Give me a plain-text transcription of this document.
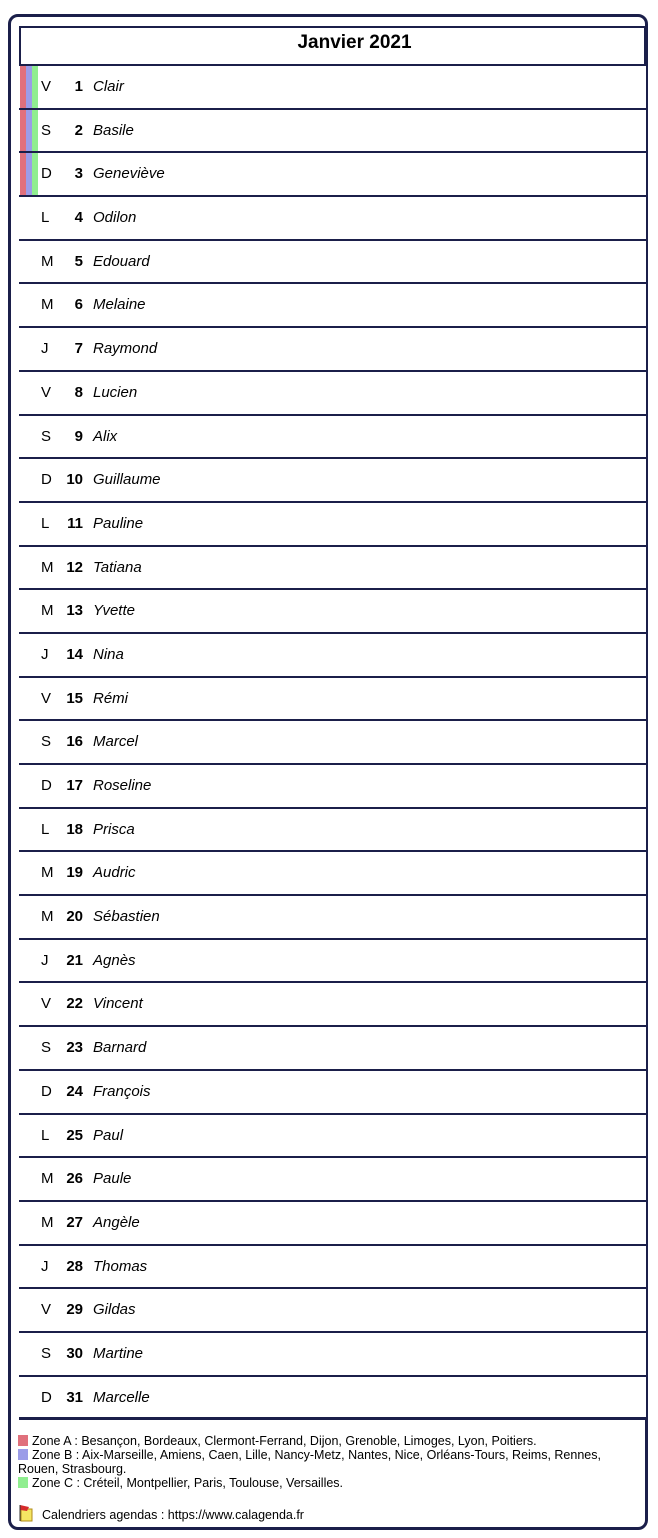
Janvier 2021
V	1 Clair
S	2 Basile
D	3 Geneviève
L	4 Odilon
M	5 Edouard
M	6 Melaine
J	7 Raymond
V	8 Lucien
S	9 Alix
D 10 Guillaume
L	11 Pauline
M 12 Tatiana
M 13 Yvette
J	14 Nina
V	15 Rémi
S	16 Marcel
D 17 Roseline
L	18 Prisca
M 19 Audric
M 20 Sébastien
J	21 Agnès
V	22 Vincent
S	23 Barnard
D 24 François
L	25 Paul
M 26 Paule
M 27 Angèle
J	28 Thomas
V	29 Gildas
S	30 Martine
D 31 Marcelle
Zone A : Besançon, Bordeaux, Clermont-Ferrand, Dijon, Grenoble, Limoges, Lyon, Poitiers.
Zone B : Aix-Marseille, Amiens, Caen, Lille, Nancy-Metz, Nantes, Nice, Orléans-Tours, Reims, Rennes, Rouen, Strasbourg.
Zone C : Créteil, Montpellier, Paris, Toulouse, Versailles.
Calendriers agendas : https://www.calagenda.fr
